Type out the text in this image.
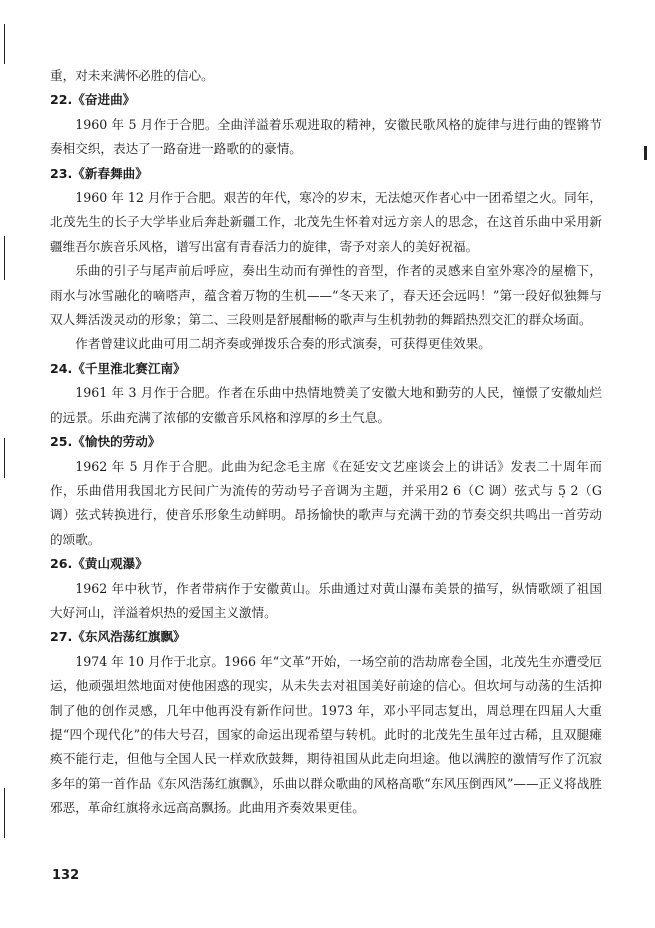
重，对未来满怀必胜的信心。

22.《奋进曲》

1960 年 5 月作于合肥。全曲洋溢着乐观进取的精神，安徽民歌风格的旋律与进行曲的铿锵节奏相交织，表达了一路奋进一路歌的的豪情。

23.《新春舞曲》

1960 年 12 月作于合肥。艰苦的年代，寒冷的岁末，无法熄灭作者心中一团希望之火。同年，北茂先生的长子大学毕业后奔赴新疆工作，北茂先生怀着对远方亲人的思念，在这首乐曲中采用新疆维吾尔族音乐风格，谱写出富有青春活力的旋律，寄予对亲人的美好祝福。

乐曲的引子与尾声前后呼应，奏出生动而有弹性的音型，作者的灵感来自室外寒冷的屋檐下，雨水与冰雪融化的嘀嗒声，蕴含着万物的生机——“冬天来了，春天还会远吗！”第一段好似独舞与双人舞活泼灵动的形象；第二、三段则是舒展酣畅的歌声与生机勃勃的舞蹈热烈交汇的群众场面。

作者曾建议此曲可用二胡齐奏或弹拨乐合奏的形式演奏，可获得更佳效果。

24.《千里淮北赛江南》

1961 年 3 月作于合肥。作者在乐曲中热情地赞美了安徽大地和勤劳的人民，憧憬了安徽灿烂的远景。乐曲充满了浓郁的安徽音乐风格和淳厚的乡土气息。

25.《愉快的劳动》

1962 年 5 月作于合肥。此曲为纪念毛主席《在延安文艺座谈会上的讲话》发表二十周年而作，乐曲借用我国北方民间广为流传的劳动号子音调为主题，并采用2 6（C 调）弦式与 5̣ 2（G 调）弦式转换进行，使音乐形象生动鲜明。昂扬愉快的歌声与充满干劲的节奏交织共鸣出一首劳动的颂歌。

26.《黄山观瀑》

1962 年中秋节，作者带病作于安徽黄山。乐曲通过对黄山瀑布美景的描写，纵情歌颂了祖国大好河山，洋溢着炽热的爱国主义激情。

27.《东风浩荡红旗飘》

1974 年 10 月作于北京。1966 年“文革”开始，一场空前的浩劫席卷全国，北茂先生亦遭受厄运，他顽强坦然地面对使他困惑的现实，从未失去对祖国美好前途的信心。但坎坷与动荡的生活抑制了他的创作灵感，几年中他再没有新作问世。1973 年，邓小平同志复出，周总理在四届人大重提“四个现代化”的伟大号召，国家的命运出现希望与转机。此时的北茂先生虽年过古稀，且双腿瘫痪不能行走，但他与全国人民一样欢欣鼓舞，期待祖国从此走向坦途。他以满腔的激情写作了沉寂多年的第一首作品《东风浩荡红旗飘》，乐曲以群众歌曲的风格高歌“东风压倒西风”——正义将战胜邪恶，革命红旗将永远高高飘扬。此曲用齐奏效果更佳。

132
